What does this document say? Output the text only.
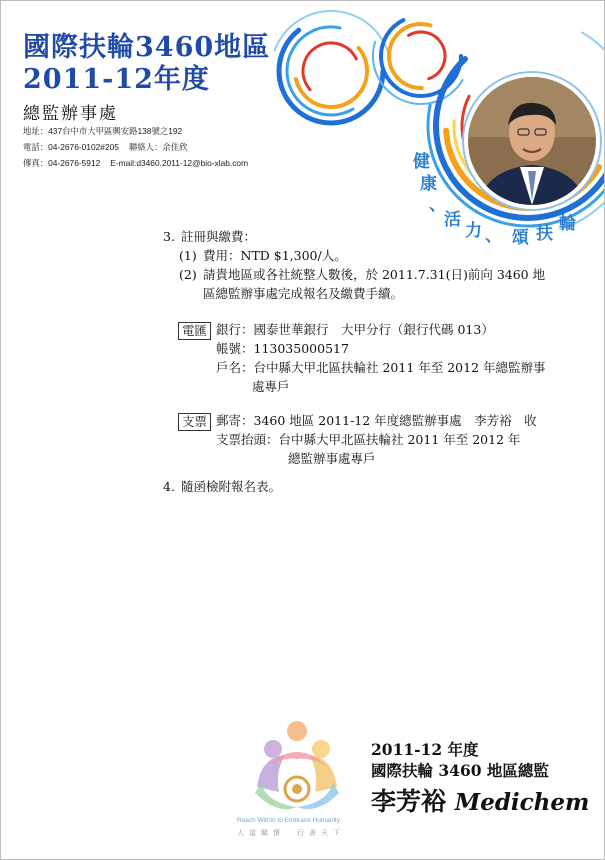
國際扶輪3460地區
2011-12年度
總監辦事處
地址：437台中市大甲區興安路138號之192
電話：04-2676-0102#205 聯絡人：余佳欣
傳真：04-2676-5912 E-mail:d3460.2011-12@bio-xlab.com	健
康
、
活
力 、 頌 扶 輪
3. 註冊與繳費：
(1) 費用：NTD $1,300/人。
(2) 請貴地區或各社統整人數後，於 2011.7.31(日)前向 3460 地
區總監辦事處完成報名及繳費手續。
電匯 銀行：國泰世華銀行　大甲分行（銀行代碼 013）
帳號：113035000517
戶名：台中縣大甲北區扶輪社 2011 年至 2012 年總監辦事
處專戶
支票 郵寄：3460 地區 2011-12 年度總監辦事處　李芳裕　收
支票抬頭：台中縣大甲北區扶輪社 2011 年至 2012 年
總監辦事處專戶
4. 隨函檢附報名表。
Reach Within to Embrace Humanity
人道關懷　行善天下
2011-12 年度
國際扶輪 3460 地區總監
李芳裕 Medichem
